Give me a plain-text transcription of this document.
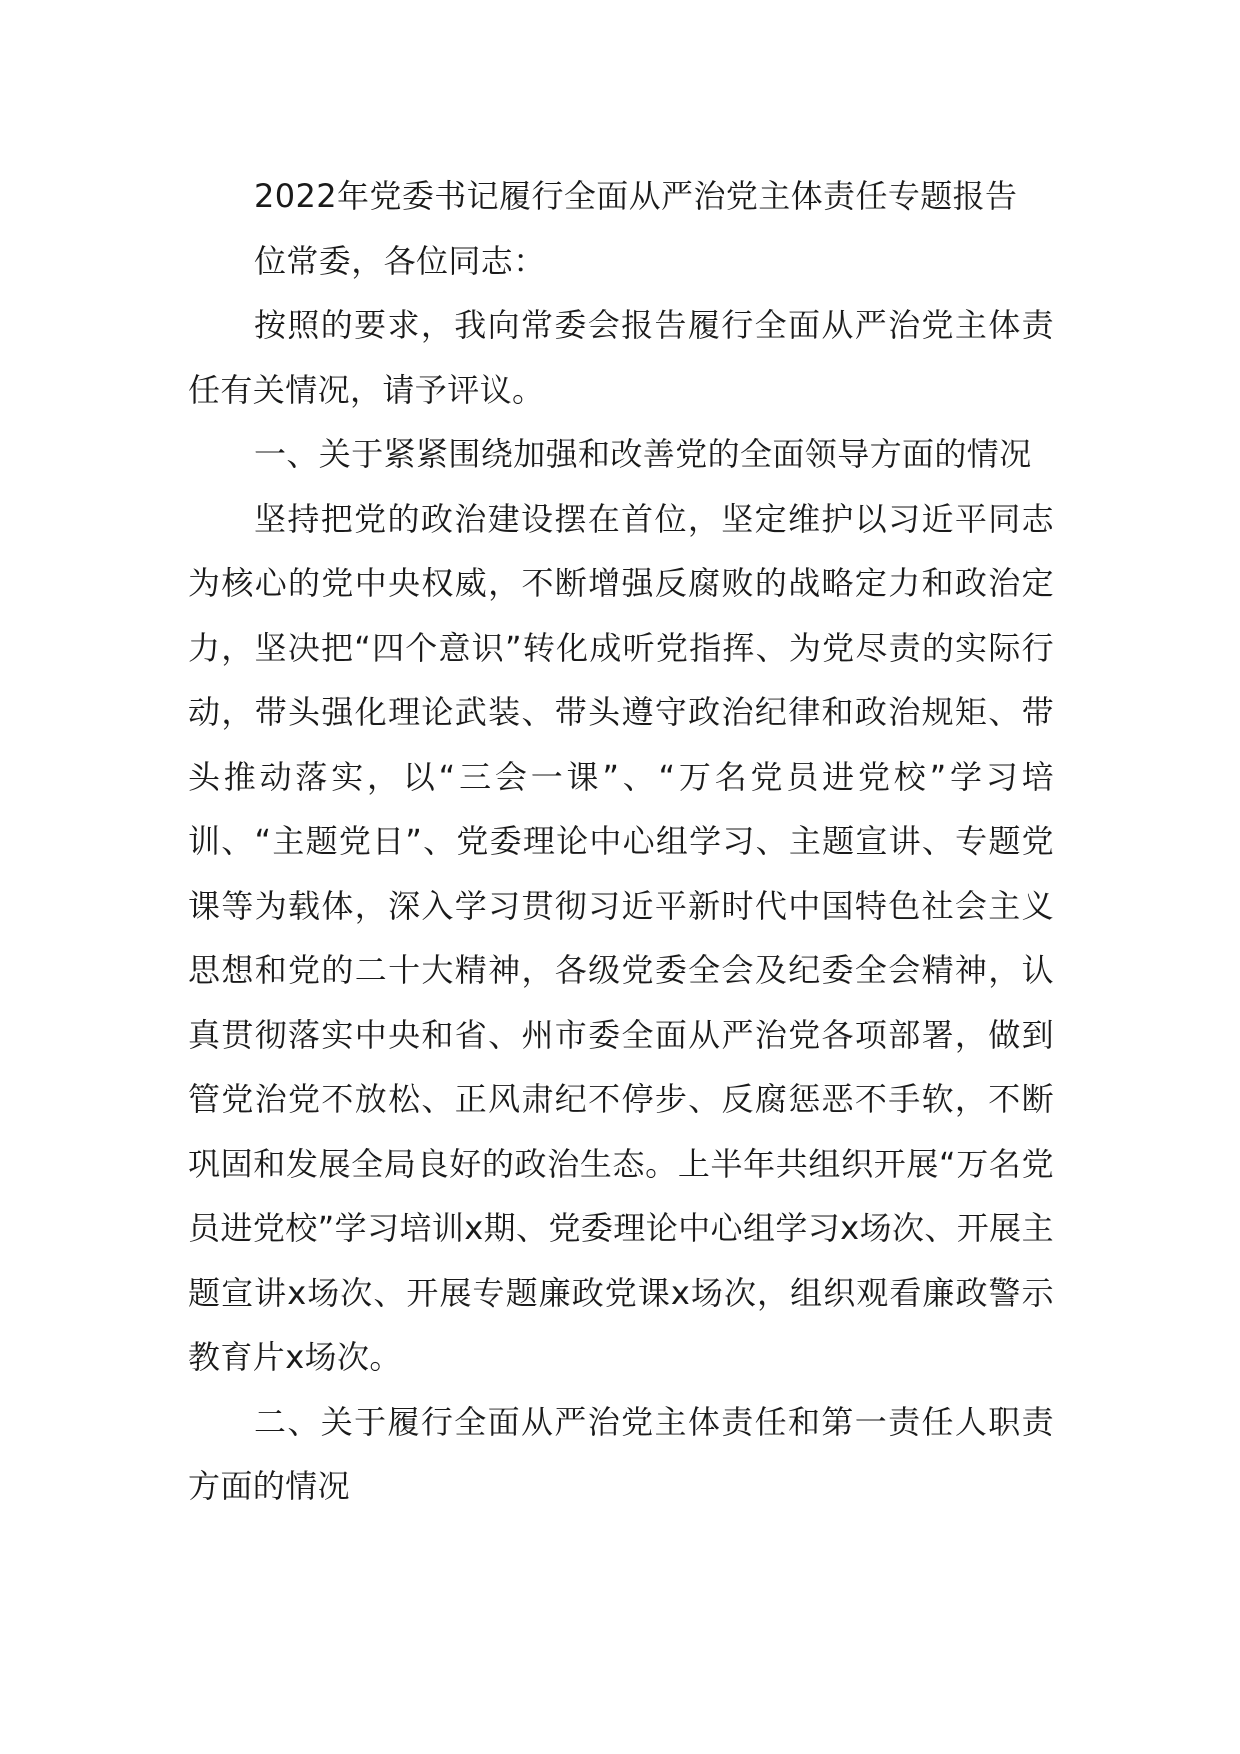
2022年党委书记履行全面从严治党主体责任专题报告

位常委，各位同志：

按照的要求，我向常委会报告履行全面从严治党主体责任有关情况，请予评议。

一、关于紧紧围绕加强和改善党的全面领导方面的情况

坚持把党的政治建设摆在首位，坚定维护以习近平同志为核心的党中央权威，不断增强反腐败的战略定力和政治定力，坚决把“四个意识”转化成听党指挥、为党尽责的实际行动，带头强化理论武装、带头遵守政治纪律和政治规矩、带头推动落实，以“三会一课”、“万名党员进党校”学习培训、“主题党日”、党委理论中心组学习、主题宣讲、专题党课等为载体，深入学习贯彻习近平新时代中国特色社会主义思想和党的二十大精神，各级党委全会及纪委全会精神，认真贯彻落实中央和省、州市委全面从严治党各项部署，做到管党治党不放松、正风肃纪不停步、反腐惩恶不手软，不断巩固和发展全局良好的政治生态。上半年共组织开展“万名党员进党校”学习培训x期、党委理论中心组学习x场次、开展主题宣讲x场次、开展专题廉政党课x场次，组织观看廉政警示教育片x场次。

二、关于履行全面从严治党主体责任和第一责任人职责方面的情况
